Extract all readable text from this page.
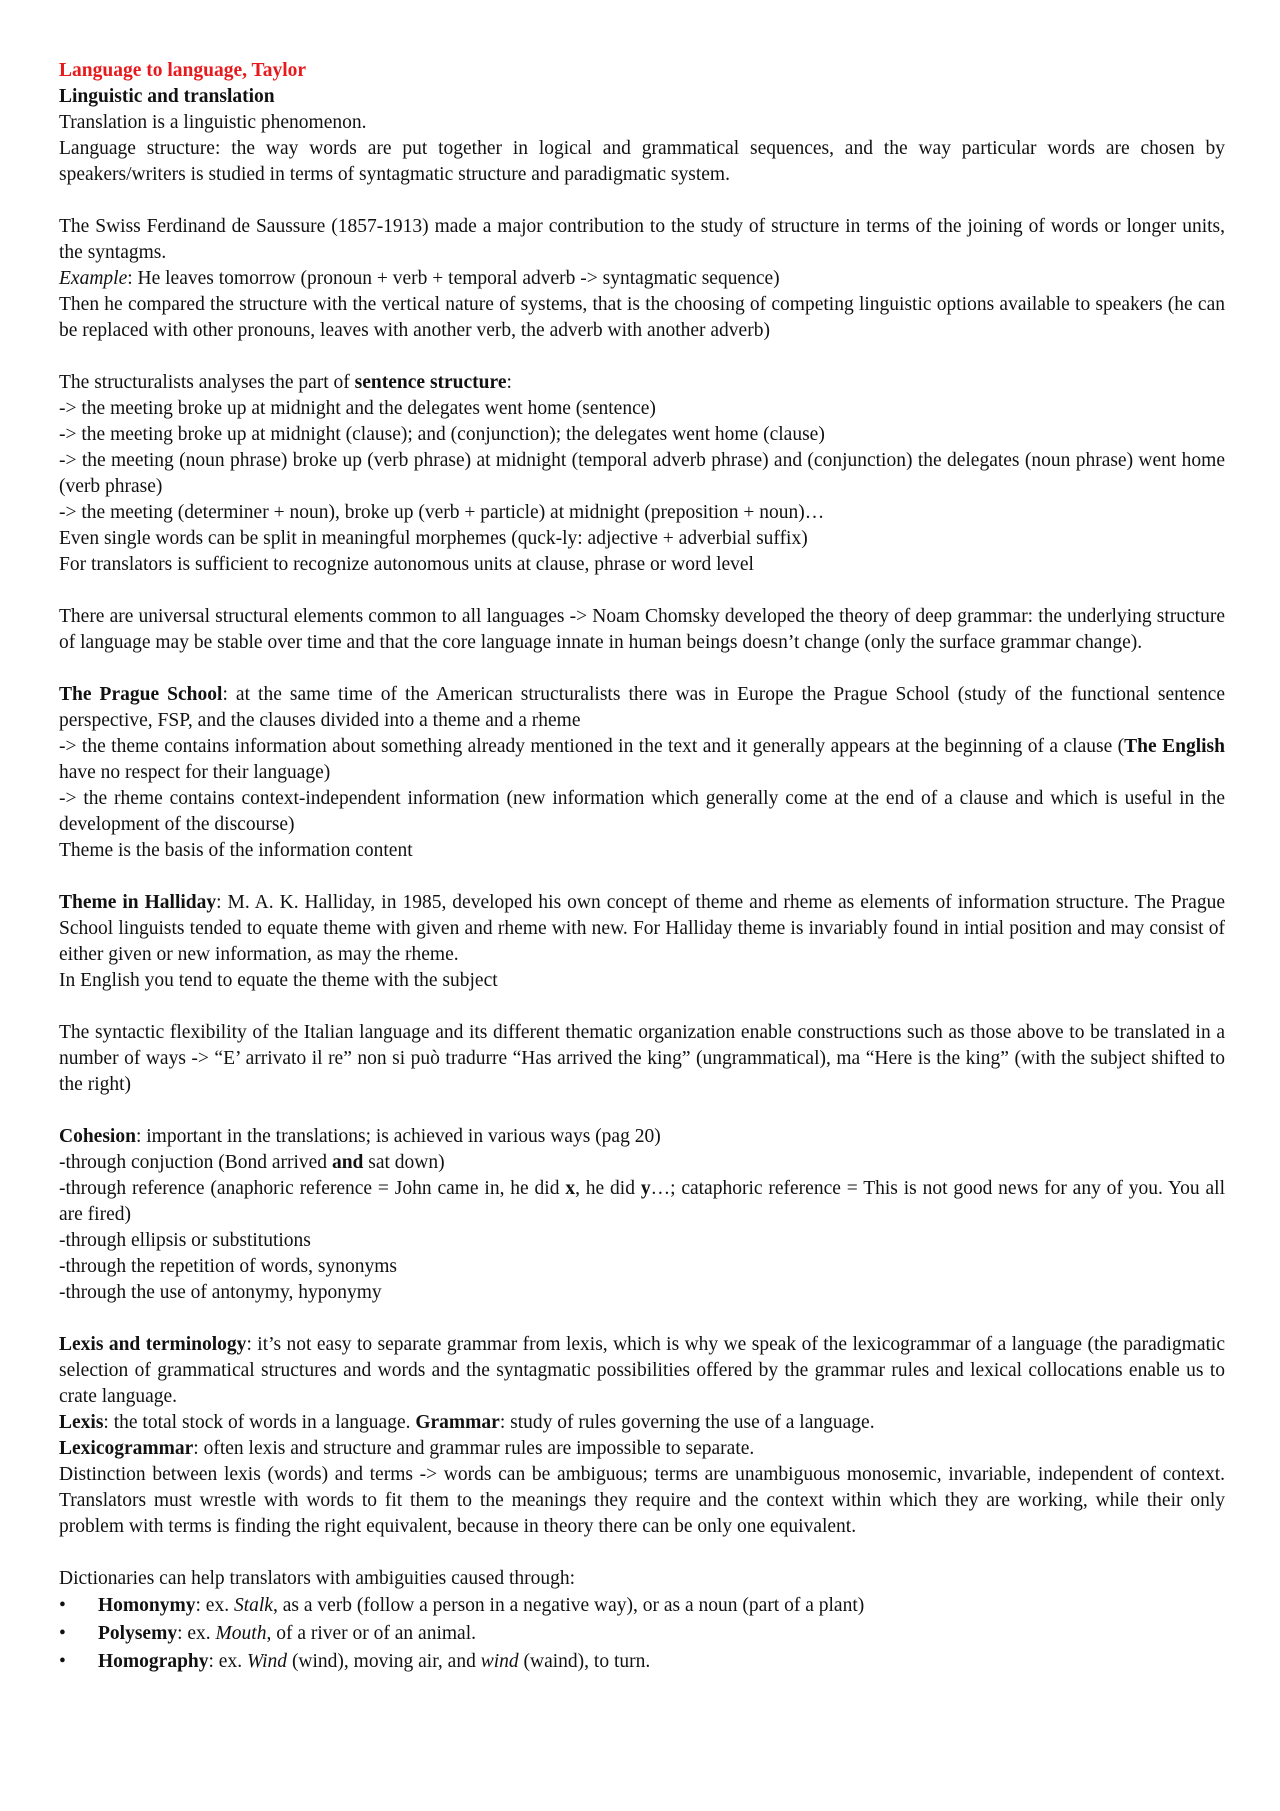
Language to language, Taylor

Linguistic and translation

Translation is a linguistic phenomenon.

Language structure: the way words are put together in logical and grammatical sequences, and the way particular words are chosen by speakers/writers is studied in terms of syntagmatic structure and paradigmatic system.

The Swiss Ferdinand de Saussure (1857-1913) made a major contribution to the study of structure in terms of the joining of words or longer units, the syntagms.

Example: He leaves tomorrow (pronoun + verb + temporal adverb -> syntagmatic sequence)

Then he compared the structure with the vertical nature of systems, that is the choosing of competing linguistic options available to speakers (he can be replaced with other pronouns, leaves with another verb, the adverb with another adverb)

The structuralists analyses the part of sentence structure:

-> the meeting broke up at midnight and the delegates went home (sentence)

-> the meeting broke up at midnight (clause); and (conjunction); the delegates went home (clause)

-> the meeting (noun phrase) broke up (verb phrase) at midnight (temporal adverb phrase) and (conjunction) the delegates (noun phrase) went home (verb phrase)

-> the meeting (determiner + noun), broke up (verb + particle) at midnight (preposition + noun)…

Even single words can be split in meaningful morphemes (quck-ly: adjective + adverbial suffix)

For translators is sufficient to recognize autonomous units at clause, phrase or word level

There are universal structural elements common to all languages -> Noam Chomsky developed the theory of deep grammar: the underlying structure of language may be stable over time and that the core language innate in human beings doesn’t change (only the surface grammar change).

The Prague School: at the same time of the American structuralists there was in Europe the Prague School (study of the functional sentence perspective, FSP, and the clauses divided into a theme and a rheme

-> the theme contains information about something already mentioned in the text and it generally appears at the beginning of a clause (The English have no respect for their language)

-> the rheme contains context-independent information (new information which generally come at the end of a clause and which is useful in the development of the discourse)

Theme is the basis of the information content

Theme in Halliday: M. A. K. Halliday, in 1985, developed his own concept of theme and rheme as elements of information structure. The Prague School linguists tended to equate theme with given and rheme with new. For Halliday theme is invariably found in intial position and may consist of either given or new information, as may the rheme.

In English you tend to equate the theme with the subject

The syntactic flexibility of the Italian language and its different thematic organization enable constructions such as those above to be translated in a number of ways -> “E’ arrivato il re” non si può tradurre “Has arrived the king” (ungrammatical), ma “Here is the king” (with the subject shifted to the right)

Cohesion: important in the translations; is achieved in various ways (pag 20)

-through conjuction (Bond arrived and sat down)

-through reference (anaphoric reference = John came in, he did x, he did y…; cataphoric reference = This is not good news for any of you. You all are fired)

-through ellipsis or substitutions

-through the repetition of words, synonyms

-through the use of antonymy, hyponymy

Lexis and terminology: it’s not easy to separate grammar from lexis, which is why we speak of the lexicogrammar of a language (the paradigmatic selection of grammatical structures and words and the syntagmatic possibilities offered by the grammar rules and lexical collocations enable us to crate language.

Lexis: the total stock of words in a language. Grammar: study of rules governing the use of a language.

Lexicogrammar: often lexis and structure and grammar rules are impossible to separate.

Distinction between lexis (words) and terms -> words can be ambiguous; terms are unambiguous monosemic, invariable, independent of context. Translators must wrestle with words to fit them to the meanings they require and the context within which they are working, while their only problem with terms is finding the right equivalent, because in theory there can be only one equivalent.

Dictionaries can help translators with ambiguities caused through:

• Homonymy: ex. Stalk, as a verb (follow a person in a negative way), or as a noun (part of a plant)
• Polysemy: ex. Mouth, of a river or of an animal.
• Homography: ex. Wind (wind), moving air, and wind (waind), to turn.
